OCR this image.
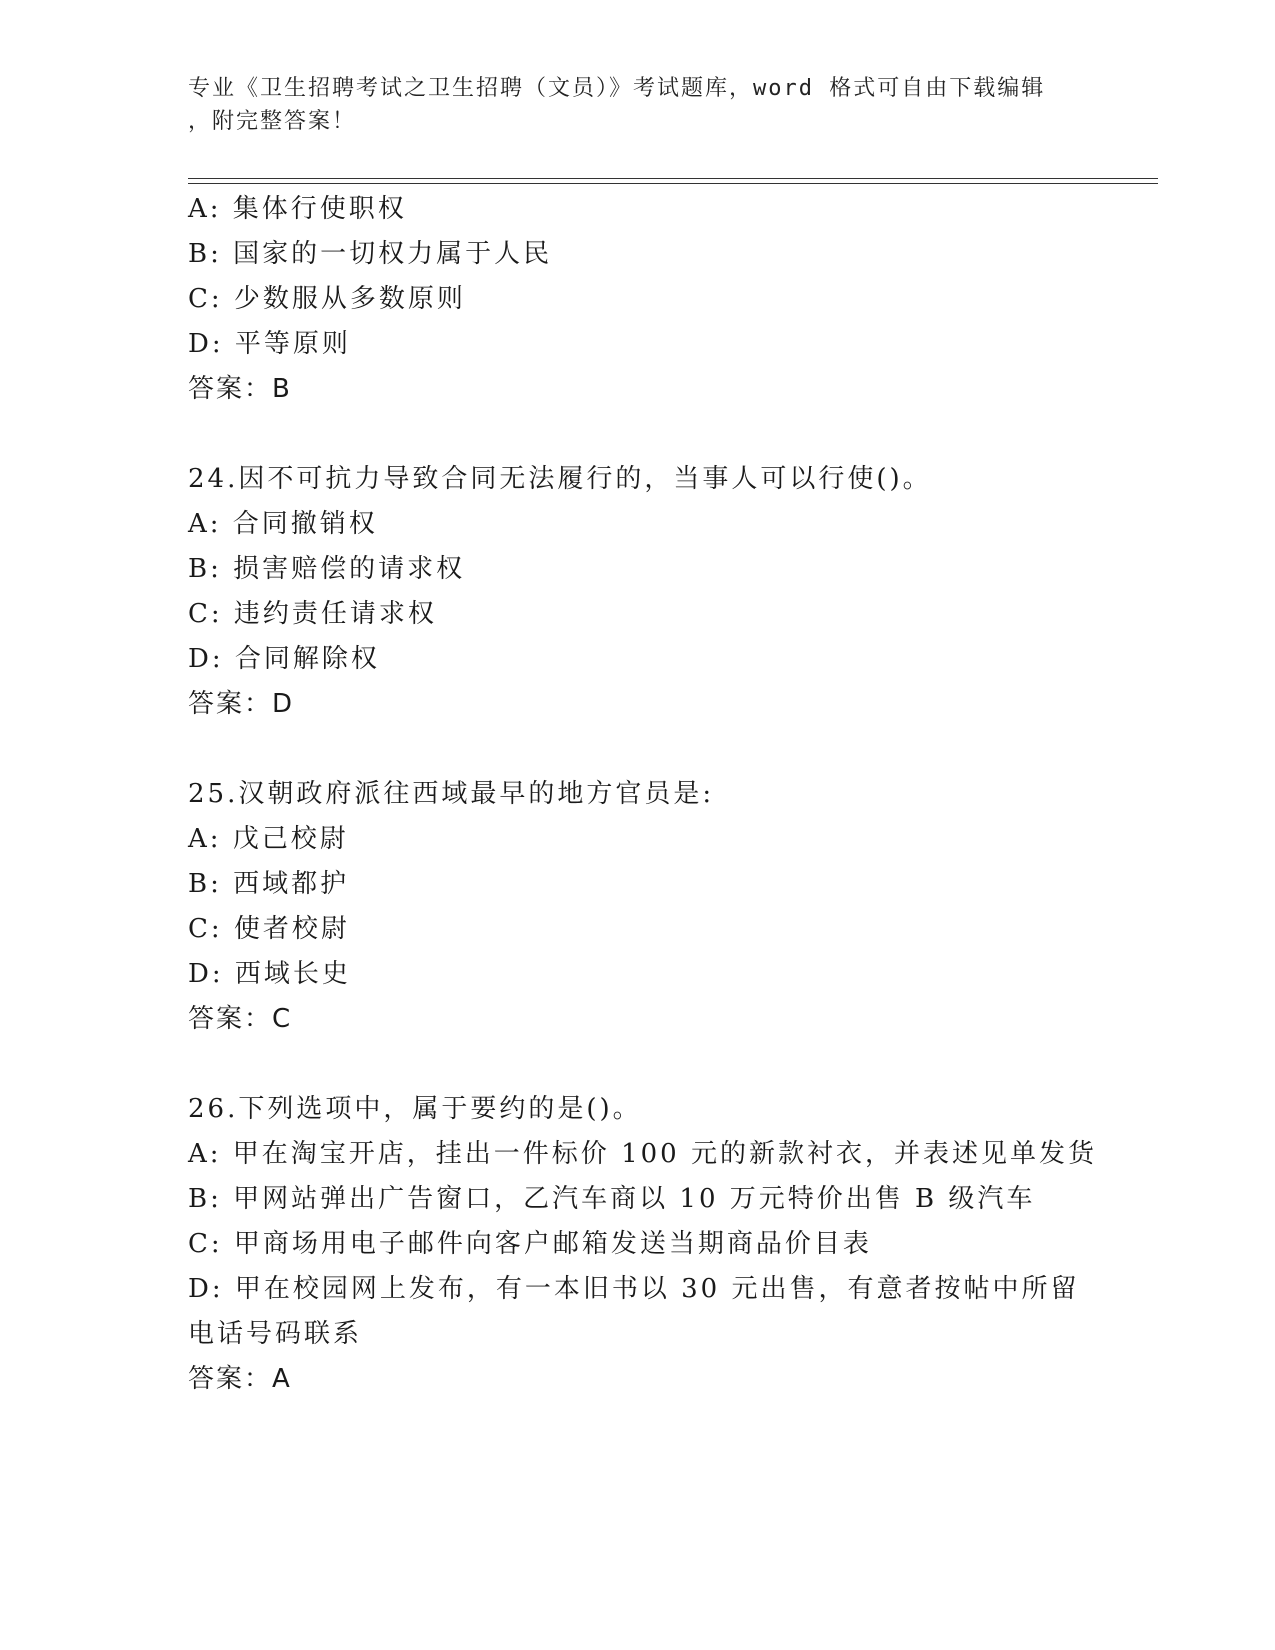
专业《卫生招聘考试之卫生招聘（文员）》考试题库，word 格式可自由下载编辑
，附完整答案！
A: 集体行使职权
B: 国家的一切权力属于人民
C: 少数服从多数原则
D: 平等原则
答案：B
24.因不可抗力导致合同无法履行的，当事人可以行使()。
A: 合同撤销权
B: 损害赔偿的请求权
C: 违约责任请求权
D: 合同解除权
答案：D
25.汉朝政府派往西域最早的地方官员是:
A: 戊己校尉
B: 西域都护
C: 使者校尉
D: 西域长史
答案：C
26.下列选项中，属于要约的是()。
A: 甲在淘宝开店，挂出一件标价 100 元的新款衬衣，并表述见单发货
B: 甲网站弹出广告窗口，乙汽车商以 10 万元特价出售 B 级汽车
C: 甲商场用电子邮件向客户邮箱发送当期商品价目表
D: 甲在校园网上发布，有一本旧书以 30 元出售，有意者按帖中所留
电话号码联系
答案：A
